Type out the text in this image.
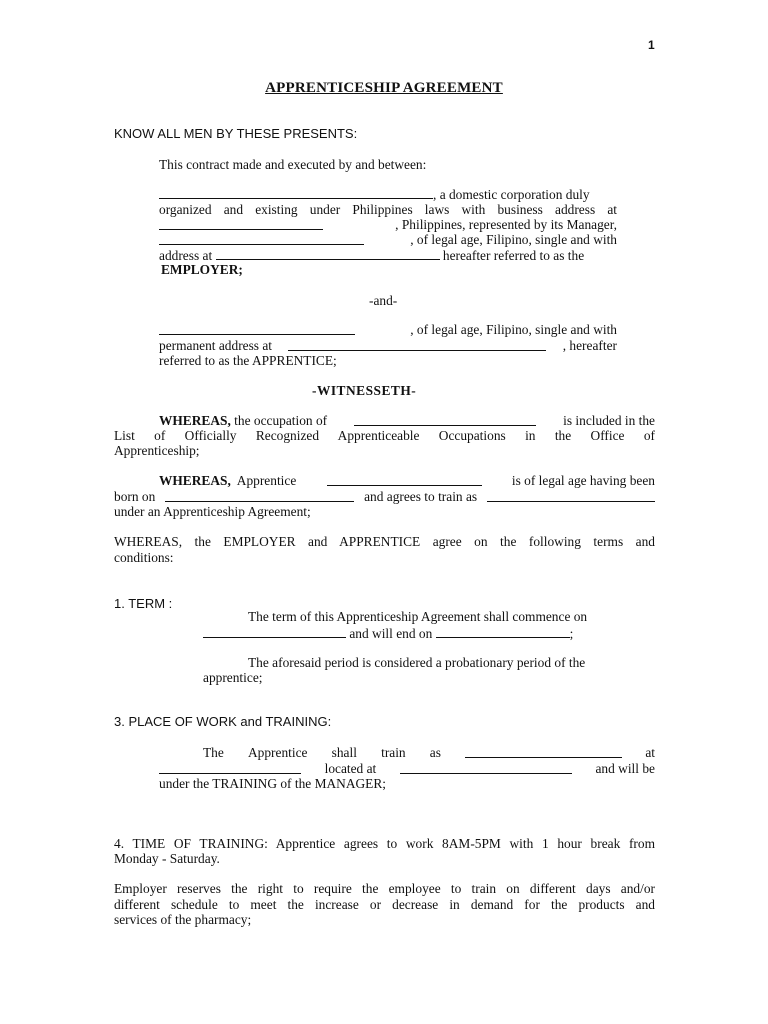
1
APPRENTICESHIP AGREEMENT
KNOW ALL MEN BY THESE PRESENTS:
This contract made and executed by and between:
, a domestic corporation duly
organized and existing under Philippines laws with business address at
, Philippines, represented by its Manager,
, of legal age, Filipino, single and with
address at	hereafter referred to as the
EMPLOYER;
-and-
, of legal age, Filipino, single and with
permanent address at	, hereafter
referred to as the APPRENTICE;
-WITNESSETH-
WHEREAS, the occupation of	is included in the
List of Officially Recognized Apprenticeable Occupations in the Office of
Apprenticeship;
WHEREAS, Apprentice	is of legal age having been
born on	and agrees to train as
under an Apprenticeship Agreement;
WHEREAS, the EMPLOYER and APPRENTICE agree on the following terms and
conditions:
1. TERM :
The term of this Apprenticeship Agreement shall commence on
and will end on	;
The aforesaid period is considered a probationary period of the
apprentice;
3. PLACE OF WORK and TRAINING:
The Apprentice shall train as	at
located at	and will be
under the TRAINING of the MANAGER;
4. TIME OF TRAINING: Apprentice agrees to work 8AM-5PM with 1 hour break from
Monday - Saturday.
Employer reserves the right to require the employee to train on different days and/or
different schedule to meet the increase or decrease in demand for the products and
services of the pharmacy;
